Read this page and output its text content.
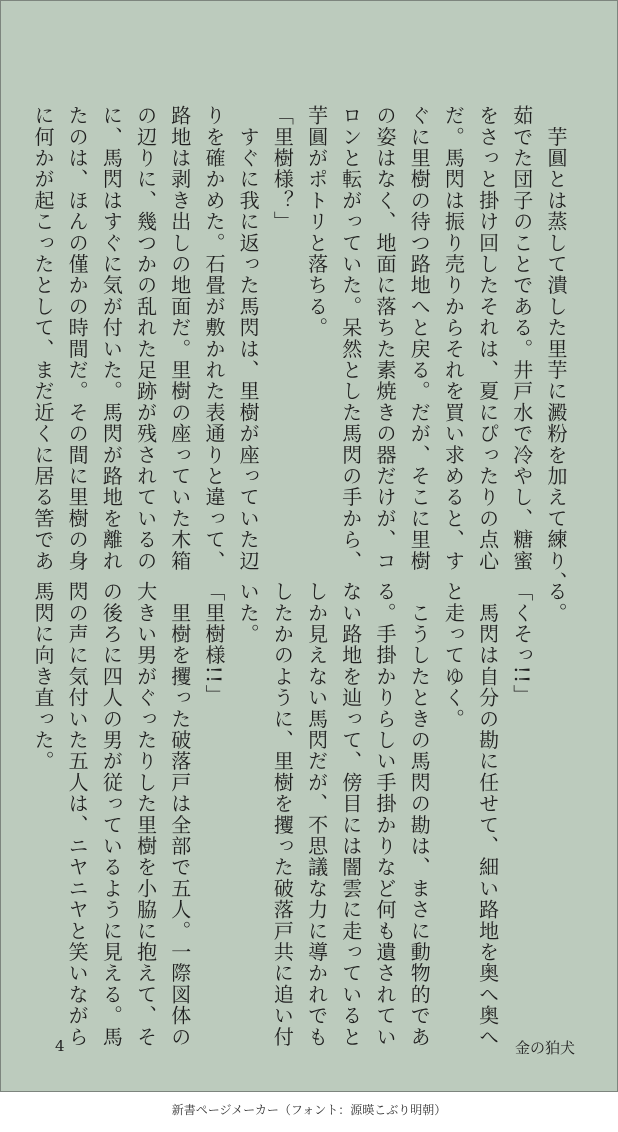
　芋圓とは蒸して潰した里芋に澱粉を加えて練り、
茹でた団子のことである。井戸水で冷やし、糖蜜
をさっと掛け回したそれは、夏にぴったりの点心
だ。馬閃は振り売りからそれを買い求めると、す
ぐに里樹の待つ路地へと戻る。だが、そこに里樹
の姿はなく、地面に落ちた素焼きの器だけが、コ
ロンと転がっていた。呆然とした馬閃の手から、
芋圓がポトリと落ちる。
「里樹様？」
　すぐに我に返った馬閃は、里樹が座っていた辺
りを確かめた。石畳が敷かれた表通りと違って、
路地は剥き出しの地面だ。里樹の座っていた木箱
の辺りに、幾つかの乱れた足跡が残されているの
に、馬閃はすぐに気が付いた。馬閃が路地を離れ
たのは、ほんの僅かの時間だ。その間に里樹の身
に何かが起こったとして、まだ近くに居る筈であ
る。
「くそっ!!」
　馬閃は自分の勘に任せて、細い路地を奥へ奥へ
と走ってゆく。
　こうしたときの馬閃の勘は、まさに動物的であ
る。手掛かりらしい手掛かりなど何も遺されてい
ない路地を辿って、傍目には闇雲に走っていると
しか見えない馬閃だが、不思議な力に導かれでも
したかのように、里樹を攫った破落戸共に追い付
いた。
「里樹様!!」
　里樹を攫った破落戸は全部で五人。一際図体の
大きい男がぐったりした里樹を小脇に抱えて、そ
の後ろに四人の男が従っているように見える。馬
閃の声に気付いた五人は、ニヤニヤと笑いながら
馬閃に向き直った。
4	金の狛犬
新書ページメーカー（フォント：源暎こぶり明朝）
